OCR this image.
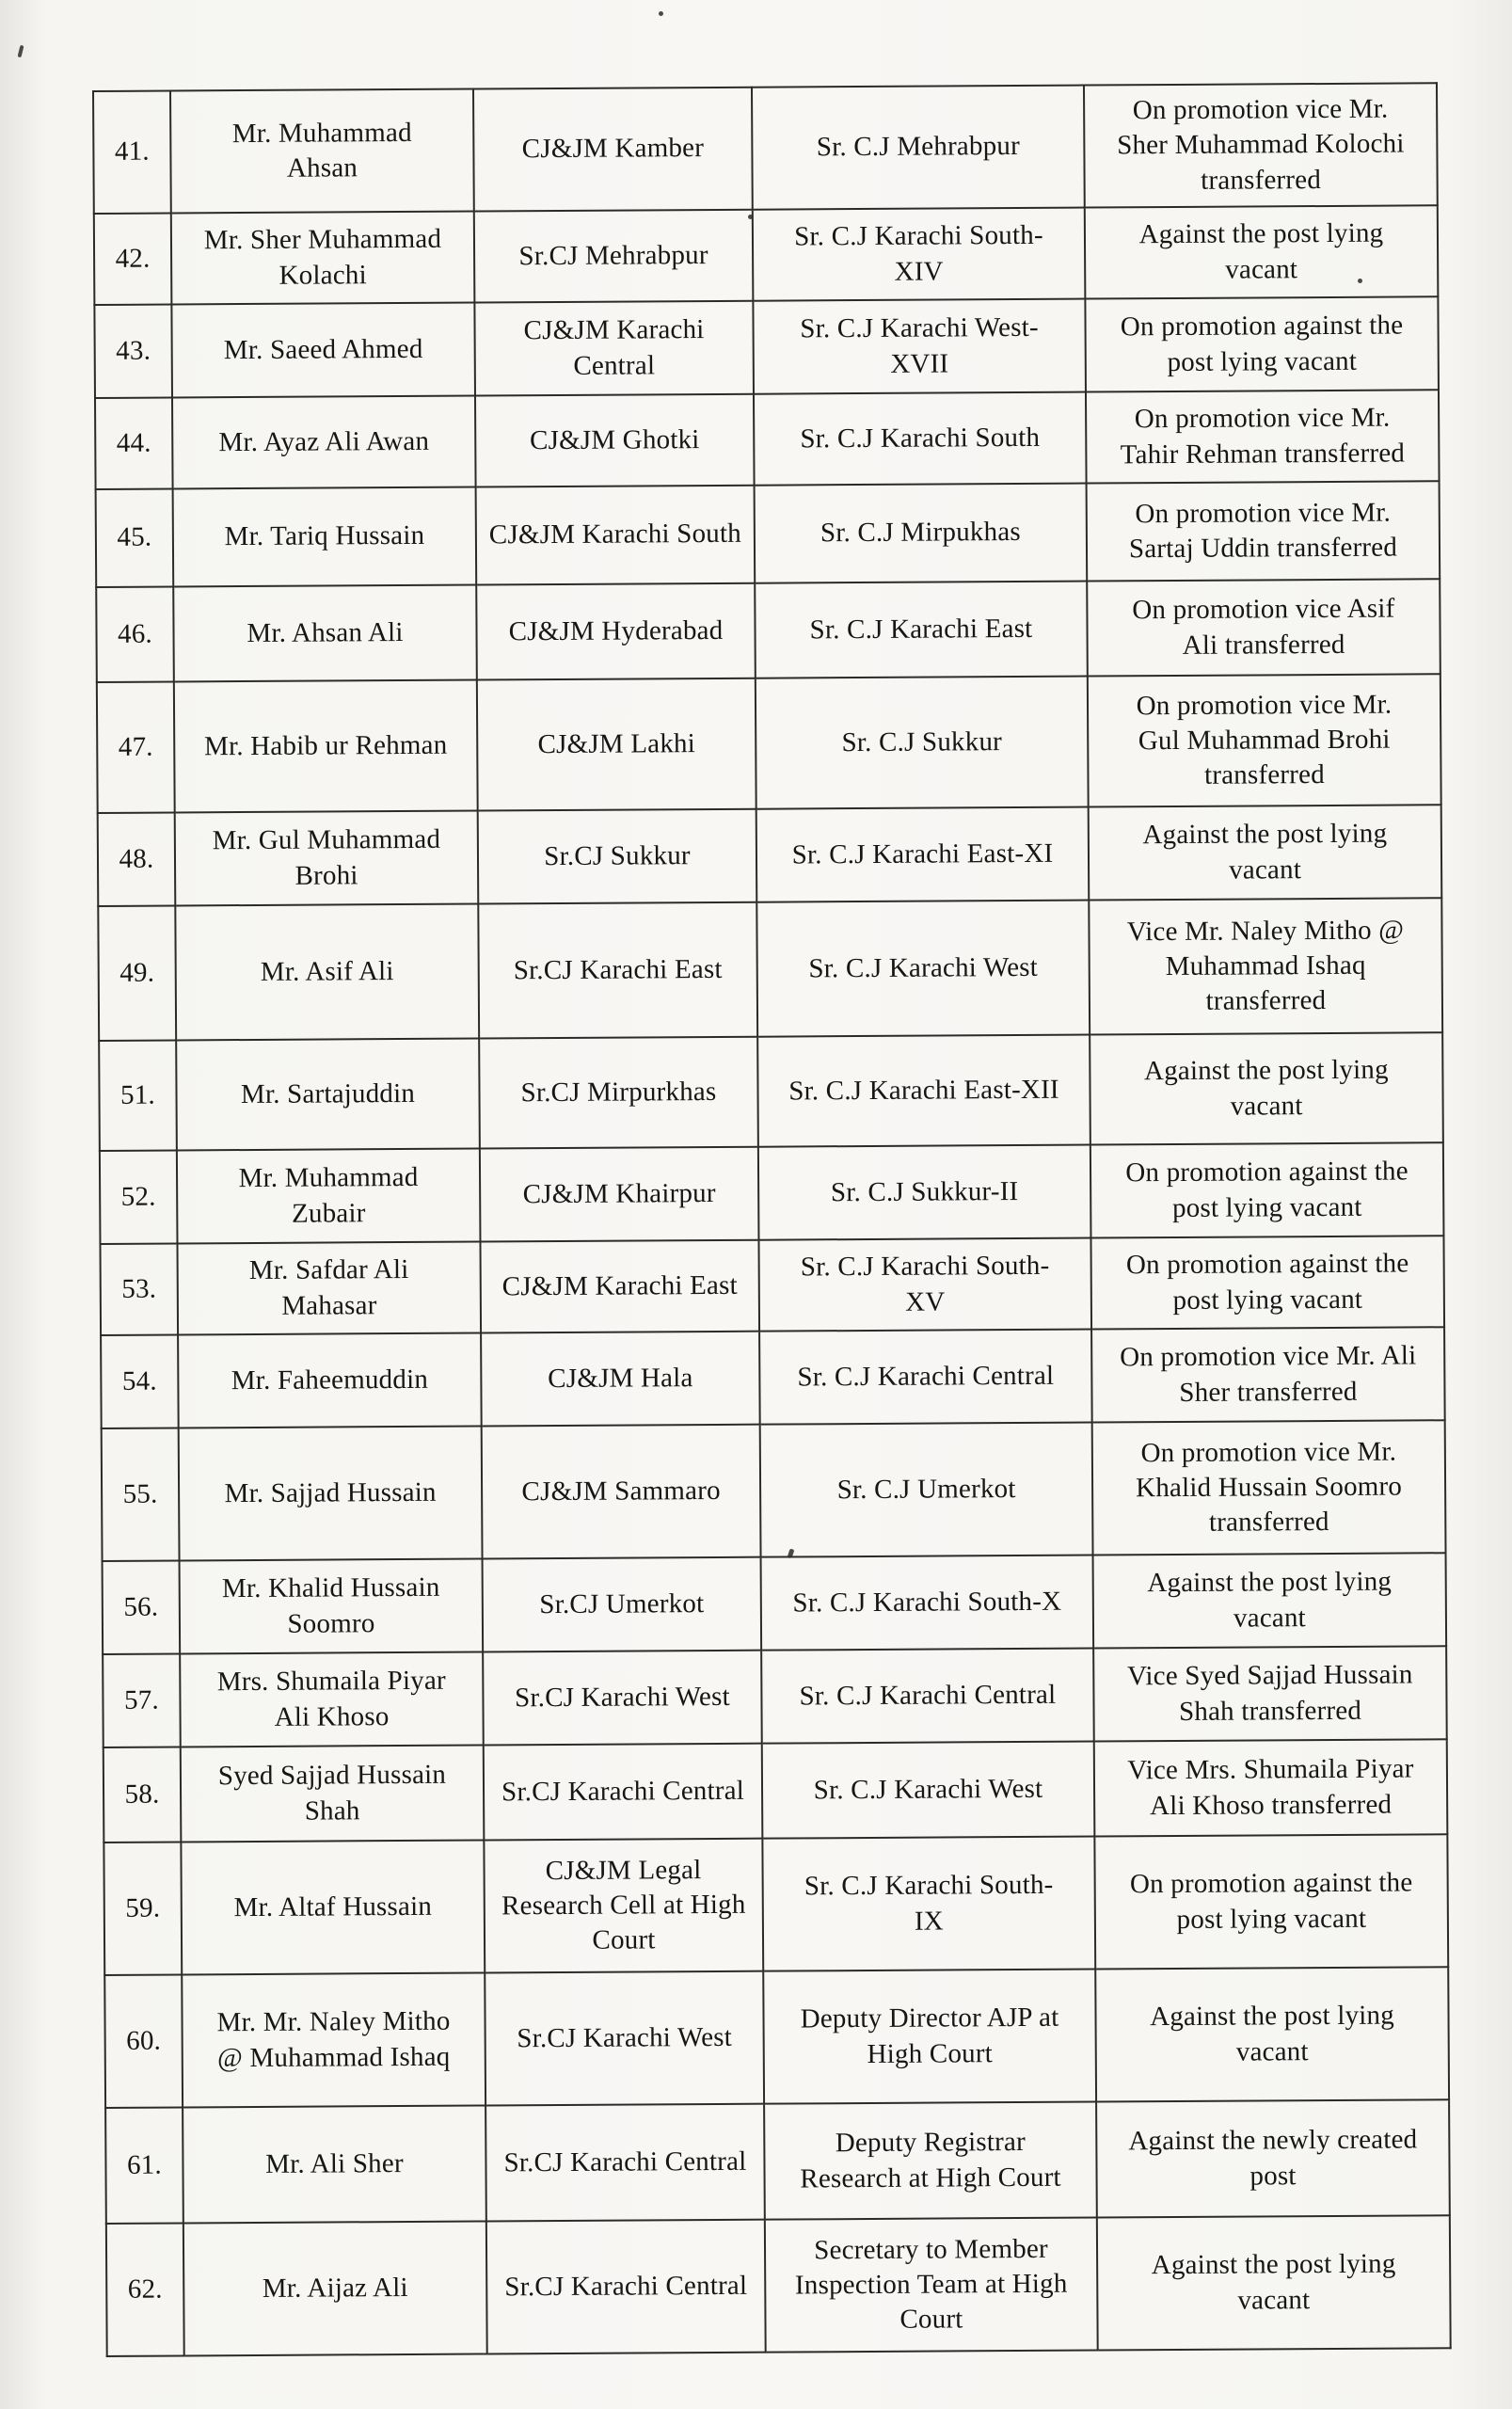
41.	Mr. Muhammad Ahsan	CJ&JM Kamber	Sr. C.J Mehrabpur	On promotion vice Mr. Sher Muhammad Kolochi transferred
42.	Mr. Sher Muhammad Kolachi	Sr.CJ Mehrabpur	Sr. C.J Karachi South-XIV	Against the post lying vacant
43.	Mr. Saeed Ahmed	CJ&JM Karachi Central	Sr. C.J Karachi West-XVII	On promotion against the post lying vacant
44.	Mr. Ayaz Ali Awan	CJ&JM Ghotki	Sr. C.J Karachi South	On promotion vice Mr. Tahir Rehman transferred
45.	Mr. Tariq Hussain	CJ&JM Karachi South	Sr. C.J Mirpukhas	On promotion vice Mr. Sartaj Uddin transferred
46.	Mr. Ahsan Ali	CJ&JM Hyderabad	Sr. C.J Karachi East	On promotion vice Asif Ali transferred
47.	Mr. Habib ur Rehman	CJ&JM Lakhi	Sr. C.J Sukkur	On promotion vice Mr. Gul Muhammad Brohi transferred
48.	Mr. Gul Muhammad Brohi	Sr.CJ Sukkur	Sr. C.J Karachi East-XI	Against the post lying vacant
49.	Mr. Asif Ali	Sr.CJ Karachi East	Sr. C.J Karachi West	Vice Mr. Naley Mitho @ Muhammad Ishaq transferred
51.	Mr. Sartajuddin	Sr.CJ Mirpurkhas	Sr. C.J Karachi East-XII	Against the post lying vacant
52.	Mr. Muhammad Zubair	CJ&JM Khairpur	Sr. C.J Sukkur-II	On promotion against the post lying vacant
53.	Mr. Safdar Ali Mahasar	CJ&JM Karachi East	Sr. C.J Karachi South-XV	On promotion against the post lying vacant
54.	Mr. Faheemuddin	CJ&JM Hala	Sr. C.J Karachi Central	On promotion vice Mr. Ali Sher transferred
55.	Mr. Sajjad Hussain	CJ&JM Sammaro	Sr. C.J Umerkot	On promotion vice Mr. Khalid Hussain Soomro transferred
56.	Mr. Khalid Hussain Soomro	Sr.CJ Umerkot	Sr. C.J Karachi South-X	Against the post lying vacant
57.	Mrs. Shumaila Piyar Ali Khoso	Sr.CJ Karachi West	Sr. C.J Karachi Central	Vice Syed Sajjad Hussain Shah transferred
58.	Syed Sajjad Hussain Shah	Sr.CJ Karachi Central	Sr. C.J Karachi West	Vice Mrs. Shumaila Piyar Ali Khoso transferred
59.	Mr. Altaf Hussain	CJ&JM Legal Research Cell at High Court	Sr. C.J Karachi South-IX	On promotion against the post lying vacant
60.	Mr. Mr. Naley Mitho @ Muhammad Ishaq	Sr.CJ Karachi West	Deputy Director AJP at High Court	Against the post lying vacant
61.	Mr. Ali Sher	Sr.CJ Karachi Central	Deputy Registrar Research at High Court	Against the newly created post
62.	Mr. Aijaz Ali	Sr.CJ Karachi Central	Secretary to Member Inspection Team at High Court	Against the post lying vacant
